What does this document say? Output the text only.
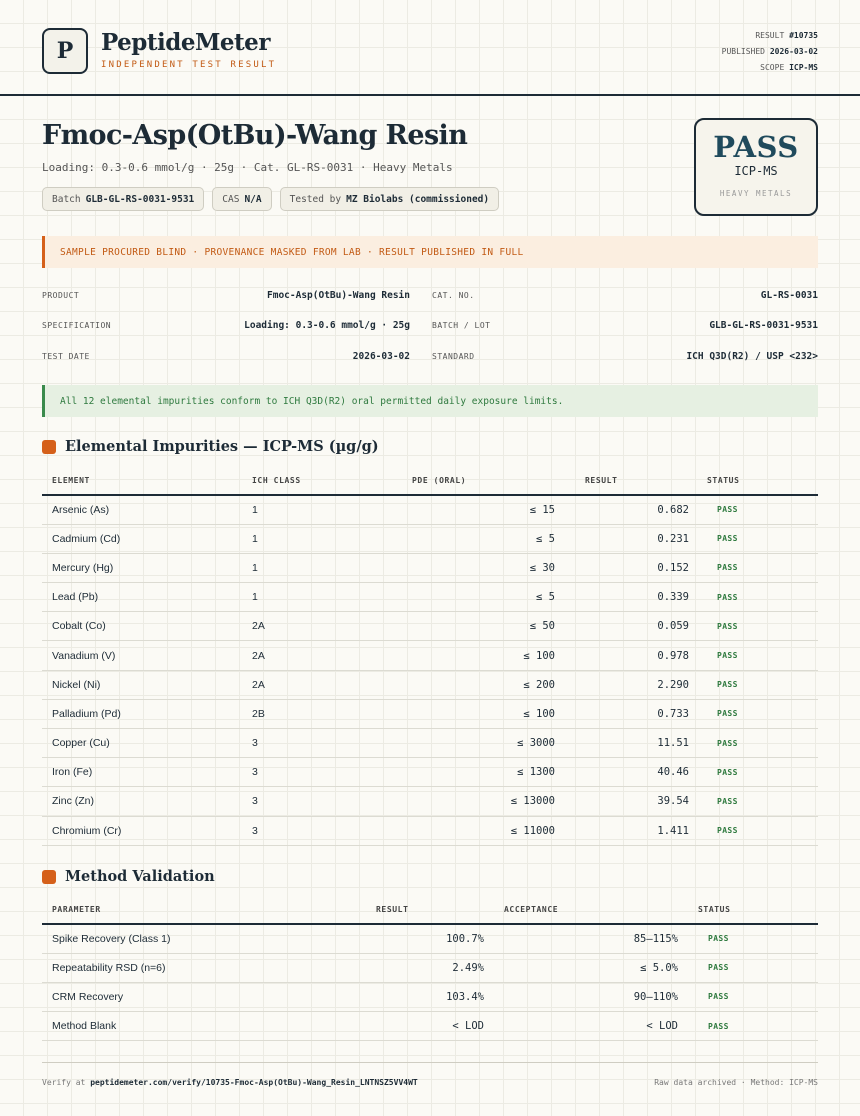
P	PeptideMeter
INDEPENDENT TEST RESULT
RESULT #10735
PUBLISHED 2026-03-02
SCOPE ICP-MS
Fmoc-Asp(OtBu)-Wang Resin
Loading: 0.3-0.6 mmol/g · 25g · Cat. GL-RS-0031 · Heavy Metals
Batch GLB-GL-RS-0031-9531	CAS N/A	Tested by MZ Biolabs (commissioned)
PASS
ICP-MS
HEAVY METALS
SAMPLE PROCURED BLIND · PROVENANCE MASKED FROM LAB · RESULT PUBLISHED IN FULL
PRODUCT	Fmoc-Asp(OtBu)-Wang Resin	CAT. NO.	GL-RS-0031
SPECIFICATION	Loading: 0.3-0.6 mmol/g · 25g	BATCH / LOT	GLB-GL-RS-0031-9531
TEST DATE	2026-03-02	STANDARD	ICH Q3D(R2) / USP <232>
All 12 elemental impurities conform to ICH Q3D(R2) oral permitted daily exposure limits.
Elemental Impurities — ICP-MS (µg/g)
ELEMENT	ICH CLASS	PDE (ORAL)	RESULT	STATUS
Arsenic (As)	1	≤ 15	0.682	PASS
Cadmium (Cd)	1	≤ 5	0.231	PASS
Mercury (Hg)	1	≤ 30	0.152	PASS
Lead (Pb)	1	≤ 5	0.339	PASS
Cobalt (Co)	2A	≤ 50	0.059	PASS
Vanadium (V)	2A	≤ 100	0.978	PASS
Nickel (Ni)	2A	≤ 200	2.290	PASS
Palladium (Pd)	2B	≤ 100	0.733	PASS
Copper (Cu)	3	≤ 3000	11.51	PASS
Iron (Fe)	3	≤ 1300	40.46	PASS
Zinc (Zn)	3	≤ 13000	39.54	PASS
Chromium (Cr)	3	≤ 11000	1.411	PASS
Method Validation
PARAMETER	RESULT	ACCEPTANCE	STATUS
Spike Recovery (Class 1)	100.7%	85–115%	PASS
Repeatability RSD (n=6)	2.49%	≤ 5.0%	PASS
CRM Recovery	103.4%	90–110%	PASS
Method Blank	< LOD	< LOD	PASS
Verify at peptidemeter.com/verify/10735-Fmoc-Asp(OtBu)-Wang_Resin_LNTNSZ5VV4WT	Raw data archived · Method: ICP-MS
